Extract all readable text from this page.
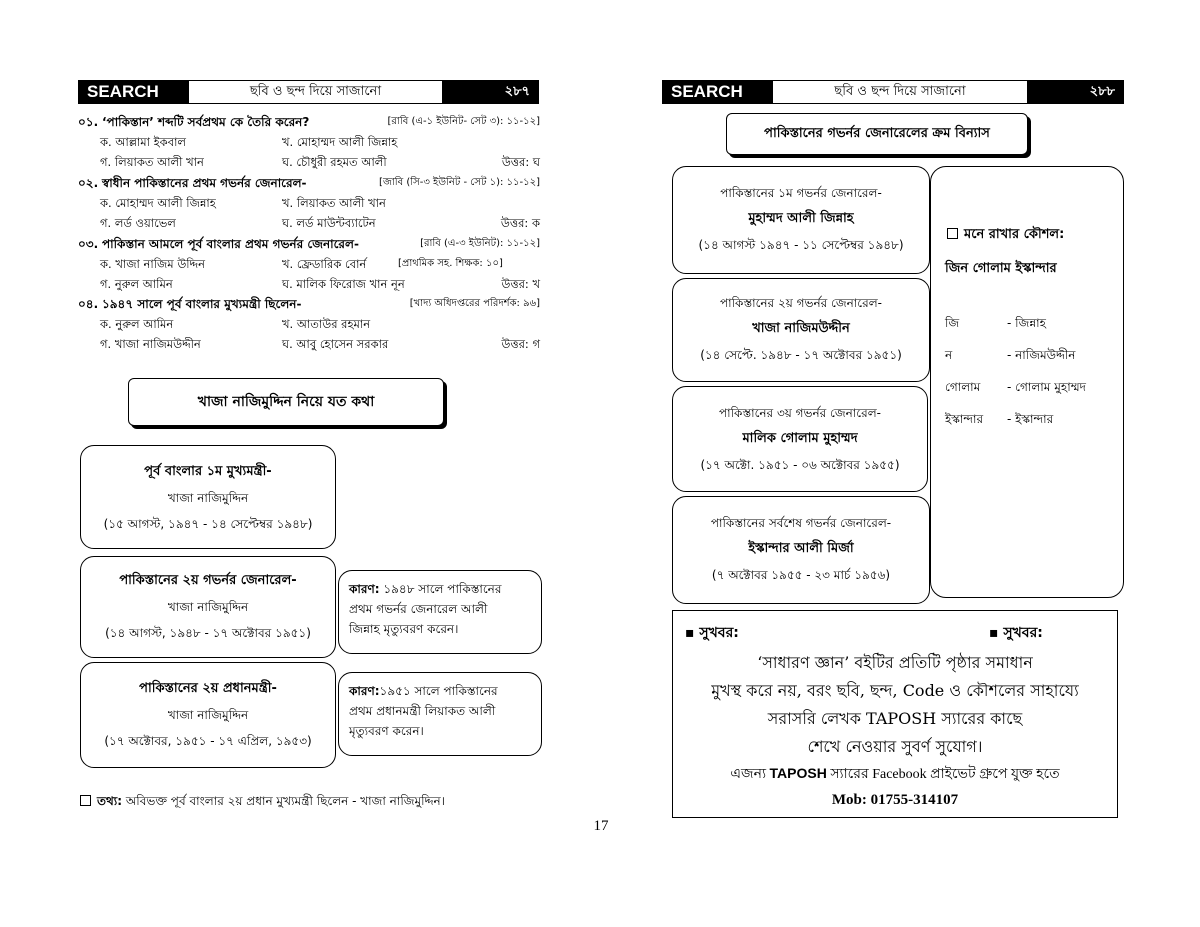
SEARCH	ছবি ও ছন্দ দিয়ে সাজানো	২৮৭
০১. ‘পাকিস্তান’ শব্দটি সর্বপ্রথম কে তৈরি করেন?	[রাবি (এ-১ ইউনিট- সেট ৩): ১১-১২]
ক. আল্লামা ইকবাল	খ. মোহাম্মদ আলী জিন্নাহ
গ. লিয়াকত আলী খান	ঘ. চৌধুরী রহমত আলী	উত্তর: ঘ
০২. স্বাধীন পাকিস্তানের প্রথম গভর্নর জেনারেল-	[জাবি (সি-৩ ইউনিট - সেট ১): ১১-১২]
ক. মোহাম্মদ আলী জিন্নাহ	খ. লিয়াকত আলী খান
গ. লর্ড ওয়াভেল	ঘ. লর্ড মাউন্টব্যাটেন	উত্তর: ক
০৩. পাকিস্তান আমলে পূর্ব বাংলার প্রথম গভর্নর জেনারেল-	[রাবি (এ-৩ ইউনিট): ১১-১২]
ক. খাজা নাজিম উদ্দিন	খ. ফ্রেডারিক বোর্ন	[প্রাথমিক সহ. শিক্ষক: ১০]
গ. নুরুল আমিন	ঘ. মালিক ফিরোজ খান নূন	উত্তর: খ
০৪. ১৯৪৭ সালে পূর্ব বাংলার মুখ্যমন্ত্রী ছিলেন-	[খাদ্য অধিদপ্তরের পরিদর্শক: ৯৬]
ক. নুরুল আমিন	খ. আতাউর রহমান
গ. খাজা নাজিমউদ্দীন	ঘ. আবু হোসেন সরকার	উত্তর: গ
খাজা নাজিমুদ্দিন নিয়ে যত কথা
পূর্ব বাংলার ১ম মুখ্যমন্ত্রী-
খাজা নাজিমুদ্দিন
(১৫ আগস্ট, ১৯৪৭ - ১৪ সেপ্টেম্বর ১৯৪৮)
পাকিস্তানের ২য় গভর্নর জেনারেল-
খাজা নাজিমুদ্দিন
(১৪ আগস্ট, ১৯৪৮ - ১৭ অক্টোবর ১৯৫১)
পাকিস্তানের ২য় প্রধানমন্ত্রী-
খাজা নাজিমুদ্দিন
(১৭ অক্টোবর, ১৯৫১ - ১৭ এপ্রিল, ১৯৫৩)
কারণ: ১৯৪৮ সালে পাকিস্তানের
প্রথম গভর্নর জেনারেল আলী
জিন্নাহ মৃত্যুবরণ করেন।
কারণ:১৯৫১ সালে পাকিস্তানের
প্রথম প্রধানমন্ত্রী লিয়াকত আলী
মৃত্যুবরণ করেন।
তথ্য: অবিভক্ত পূর্ব বাংলার ২য় প্রধান মুখ্যমন্ত্রী ছিলেন - খাজা নাজিমুদ্দিন।
17
SEARCH	ছবি ও ছন্দ দিয়ে সাজানো	২৮৮
পাকিস্তানের গভর্নর জেনারেলের ক্রম বিন্যাস
পাকিস্তানের ১ম গভর্নর জেনারেল-
মুহাম্মদ আলী জিন্নাহ
(১৪ আগস্ট ১৯৪৭ - ১১ সেপ্টেম্বর ১৯৪৮)
পাকিস্তানের ২য় গভর্নর জেনারেল-
খাজা নাজিমউদ্দীন
(১৪ সেপ্টে. ১৯৪৮ - ১৭ অক্টোবর ১৯৫১)
পাকিস্তানের ৩য় গভর্নর জেনারেল-
মালিক গোলাম মুহাম্মদ
(১৭ অক্টো. ১৯৫১ - ০৬ অক্টোবর ১৯৫৫)
পাকিস্তানের সর্বশেষ গভর্নর জেনারেল-
ইস্কান্দার আলী মির্জা
(৭ অক্টোবর ১৯৫৫ - ২৩ মার্চ ১৯৫৬)
মনে রাখার কৌশল:
জিন গোলাম ইস্কান্দার
জি	- জিন্নাহ
ন	- নাজিমউদ্দীন
গোলাম - গোলাম মুহাম্মদ
ইস্কান্দার - ইস্কান্দার
▪ সুখবর:	▪ সুখবর:
‘সাধারণ জ্ঞান’ বইটির প্রতিটি পৃষ্ঠার সমাধান
মুখস্থ করে নয়, বরং ছবি, ছন্দ, Code ও কৌশলের সাহায্যে
সরাসরি লেখক TAPOSH স্যারের কাছে
শেখে নেওয়ার সুবর্ণ সুযোগ।
এজন্য TAPOSH স্যারের Facebook প্রাইভেট গ্রুপে যুক্ত হতে
Mob: 01755-314107
